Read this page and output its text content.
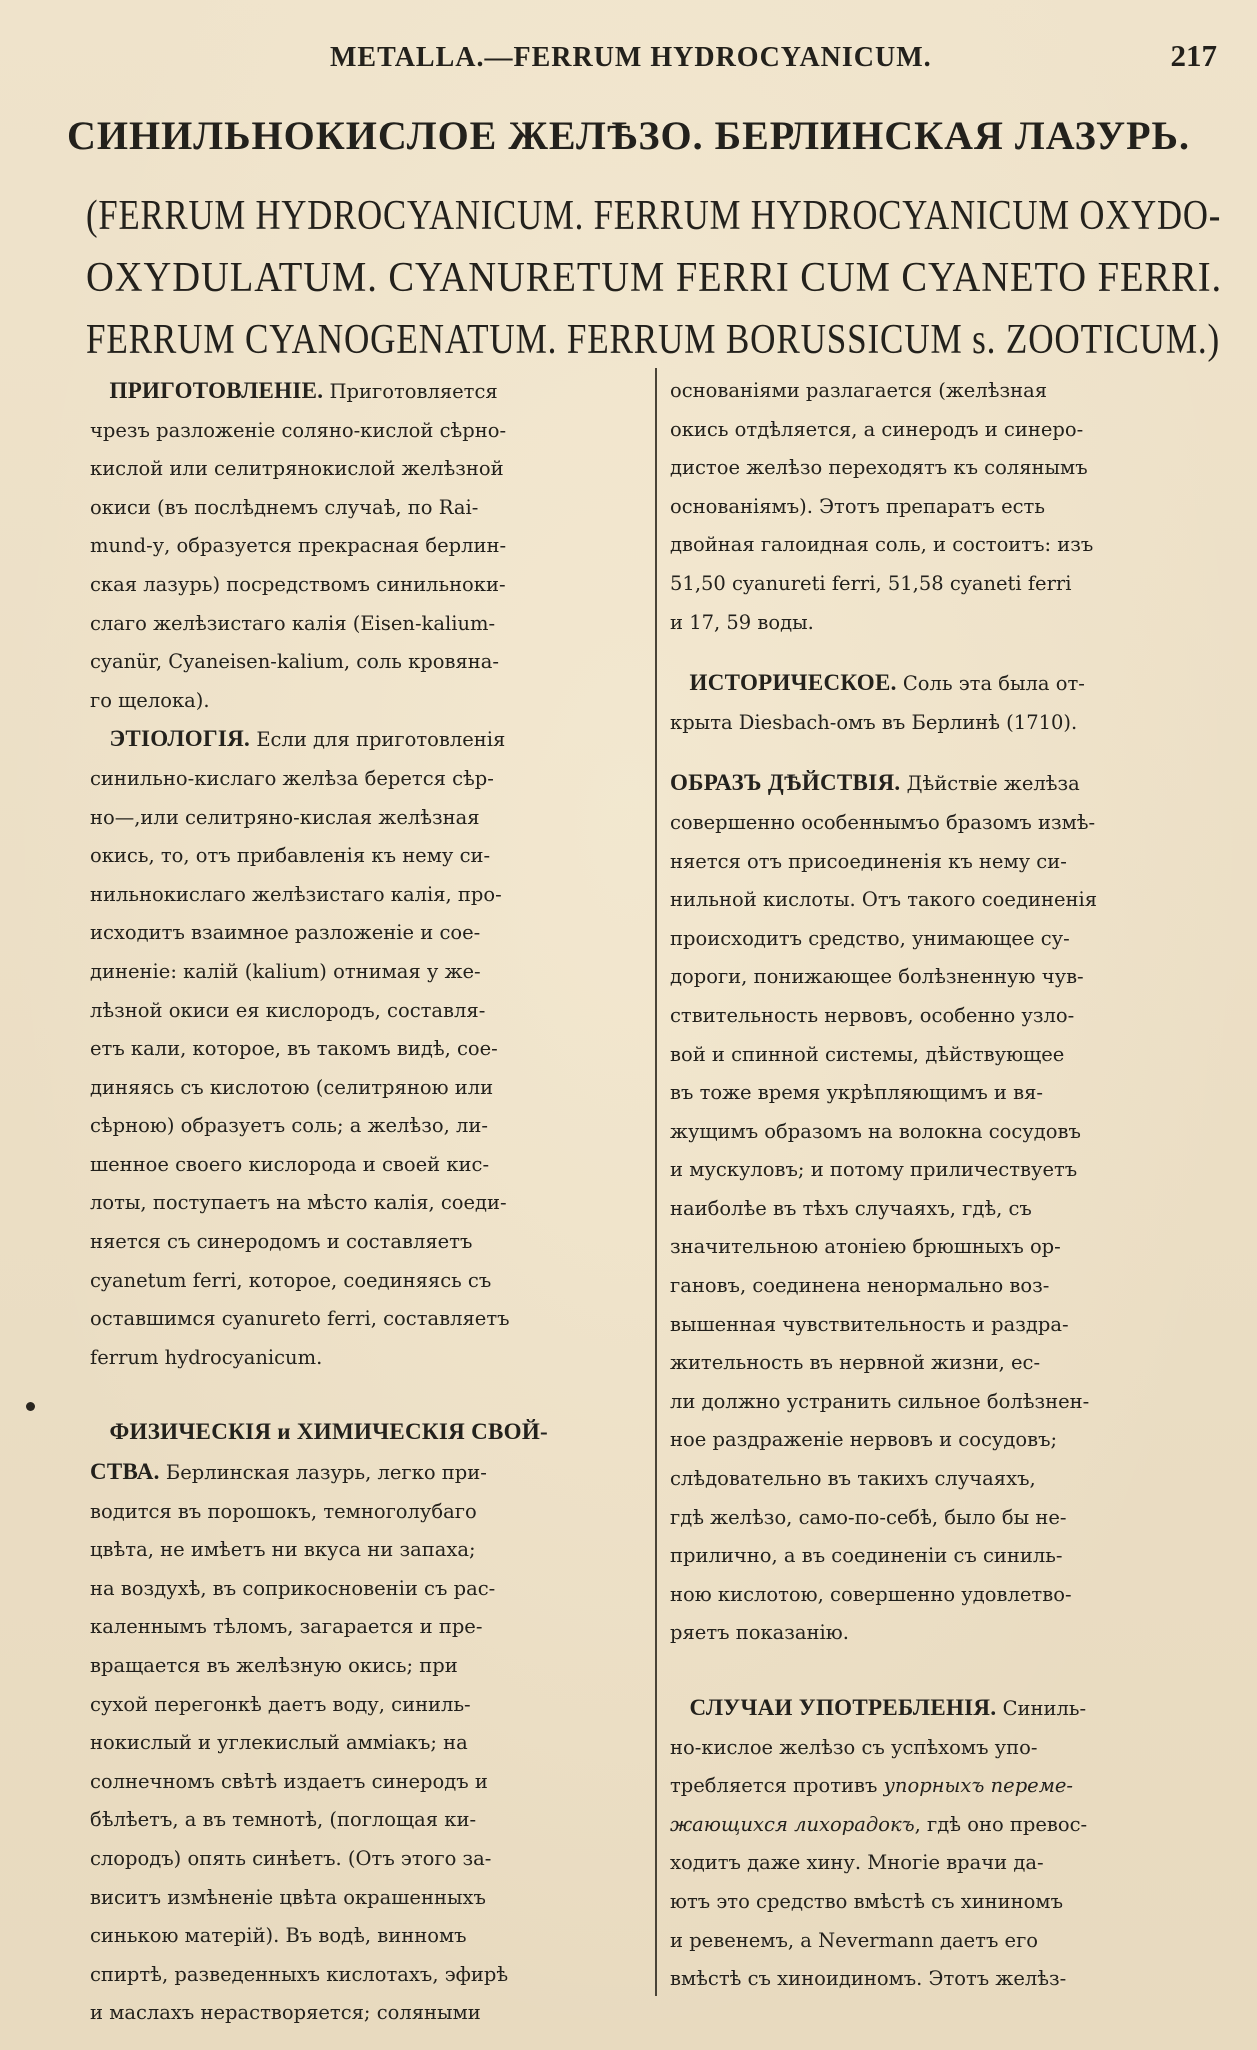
METALLA.—FERRUM HYDROCYANICUM.	217
СИНИЛЬНОКИСЛОЕ ЖЕЛѢЗО. БЕРЛИНСКАЯ ЛАЗУРЬ.
(FERRUM HYDROCYANICUM. FERRUM HYDROCYANICUM OXYDO-
OXYDULATUM. CYANURETUM FERRI CUM CYANETO FERRI.
FERRUM CYANOGENATUM. FERRUM BORUSSICUM s. ZOOTICUM.)
 ПРИГОТОВЛЕНІЕ. Приготовляется
чрезъ разложеніе соляно-кислой сѣрно-
кислой или селитрянокислой желѣзной
окиси (въ послѣднемъ случаѣ, по Rai-
mund-у, образуется прекрасная берлин-
ская лазурь) посредствомъ синильноки-
слаго желѣзистаго калія (Eisen-kalium-
cyanür, Cyaneisen-kalium, соль кровяна-
го щелока).
 ЭТІОЛОГІЯ. Если для приготовленія
синильно-кислаго желѣза берется сѣр-
но—,или селитряно-кислая желѣзная
окись, то, отъ прибавленія къ нему си-
нильнокислаго желѣзистаго калія, про-
исходитъ взаимное разложеніе и сое-
диненіе: калій (kalium) отнимая у же-
лѣзной окиси ея кислородъ, составля-
етъ кали, которое, въ такомъ видѣ, сое-
диняясь съ кислотою (селитряною или
сѣрною) образуетъ соль; а желѣзо, ли-
шенное своего кислорода и своей кис-
лоты, поступаетъ на мѣсто калія, соеди-
няется съ синеродомъ и составляетъ
cyanetum ferri, которое, соединяясь съ
оставшимся cyanureto ferri, составляетъ
ferrum hydrocyanicum.
 ФИЗИЧЕСКІЯ и ХИМИЧЕСКІЯ СВОЙ-
СТВА. Берлинская лазурь, легко при-
водится въ порошокъ, темноголубаго
цвѣта, не имѣетъ ни вкуса ни запаха;
на воздухѣ, въ соприкосновеніи съ рас-
каленнымъ тѣломъ, загарается и пре-
вращается въ желѣзную окись; при
сухой перегонкѣ даетъ воду, синиль-
нокислый и углекислый аммiакъ; на
солнечномъ свѣтѣ издаетъ синеродъ и
бѣлѣетъ, а въ темнотѣ, (поглощая ки-
слородъ) опять синѣетъ. (Отъ этого за-
виситъ измѣненіе цвѣта окрашенныхъ
синькою матерій). Въ водѣ, винномъ
спиртѣ, разведенныхъ кислотахъ, эфирѣ
и маслахъ нерастворяется; соляными
основаніями разлагается (желѣзная
окись отдѣляется, а синеродъ и синеро-
дистое желѣзо переходятъ къ солянымъ
основаніямъ). Этотъ препаратъ есть
двойная галоидная соль, и состоитъ: изъ
51,50 cyanureti ferri, 51,58 cyaneti ferri
и 17, 59 воды.
 ИСТОРИЧЕСКОЕ. Соль эта была от-
крыта Diesbach-омъ въ Берлинѣ (1710).
ОБРАЗЪ ДѢЙСТВІЯ. Дѣйствіе желѣза
совершенно особеннымъо бразомъ измѣ-
няется отъ присоединенія къ нему си-
нильной кислоты. Отъ такого соединенія
происходитъ средство, унимающее су-
дороги, понижающее болѣзненную чув-
ствительность нервовъ, особенно узло-
вой и спинной системы, дѣйствующее
въ тоже время укрѣпляющимъ и вя-
жущимъ образомъ на волокна сосудовъ
и мускуловъ; и потому приличествуетъ
наиболѣе въ тѣхъ случаяхъ, гдѣ, съ
значительною атоніею брюшныхъ ор-
гановъ, соединена ненормально воз-
вышенная чувствительность и раздра-
жительность въ нервной жизни, ес-
ли должно устранить сильное болѣзнен-
ное раздраженіе нервовъ и сосудовъ;
слѣдовательно въ такихъ случаяхъ,
гдѣ желѣзо, само-по-себѣ, было бы не-
прилично, а въ соединеніи съ синиль-
ною кислотою, совершенно удовлетво-
ряетъ показанію.
 СЛУЧАИ УПОТРЕБЛЕНІЯ. Синиль-
но-кислое желѣзо съ успѣхомъ упо-
требляется противъ упорныхъ переме-
жающихся лихорадокъ, гдѣ оно превос-
ходитъ даже хину. Многіе врачи да-
ютъ это средство вмѣстѣ съ хининомъ
и ревенемъ, а Nevermann даетъ его
вмѣстѣ съ хиноидиномъ. Этотъ желѣз-
